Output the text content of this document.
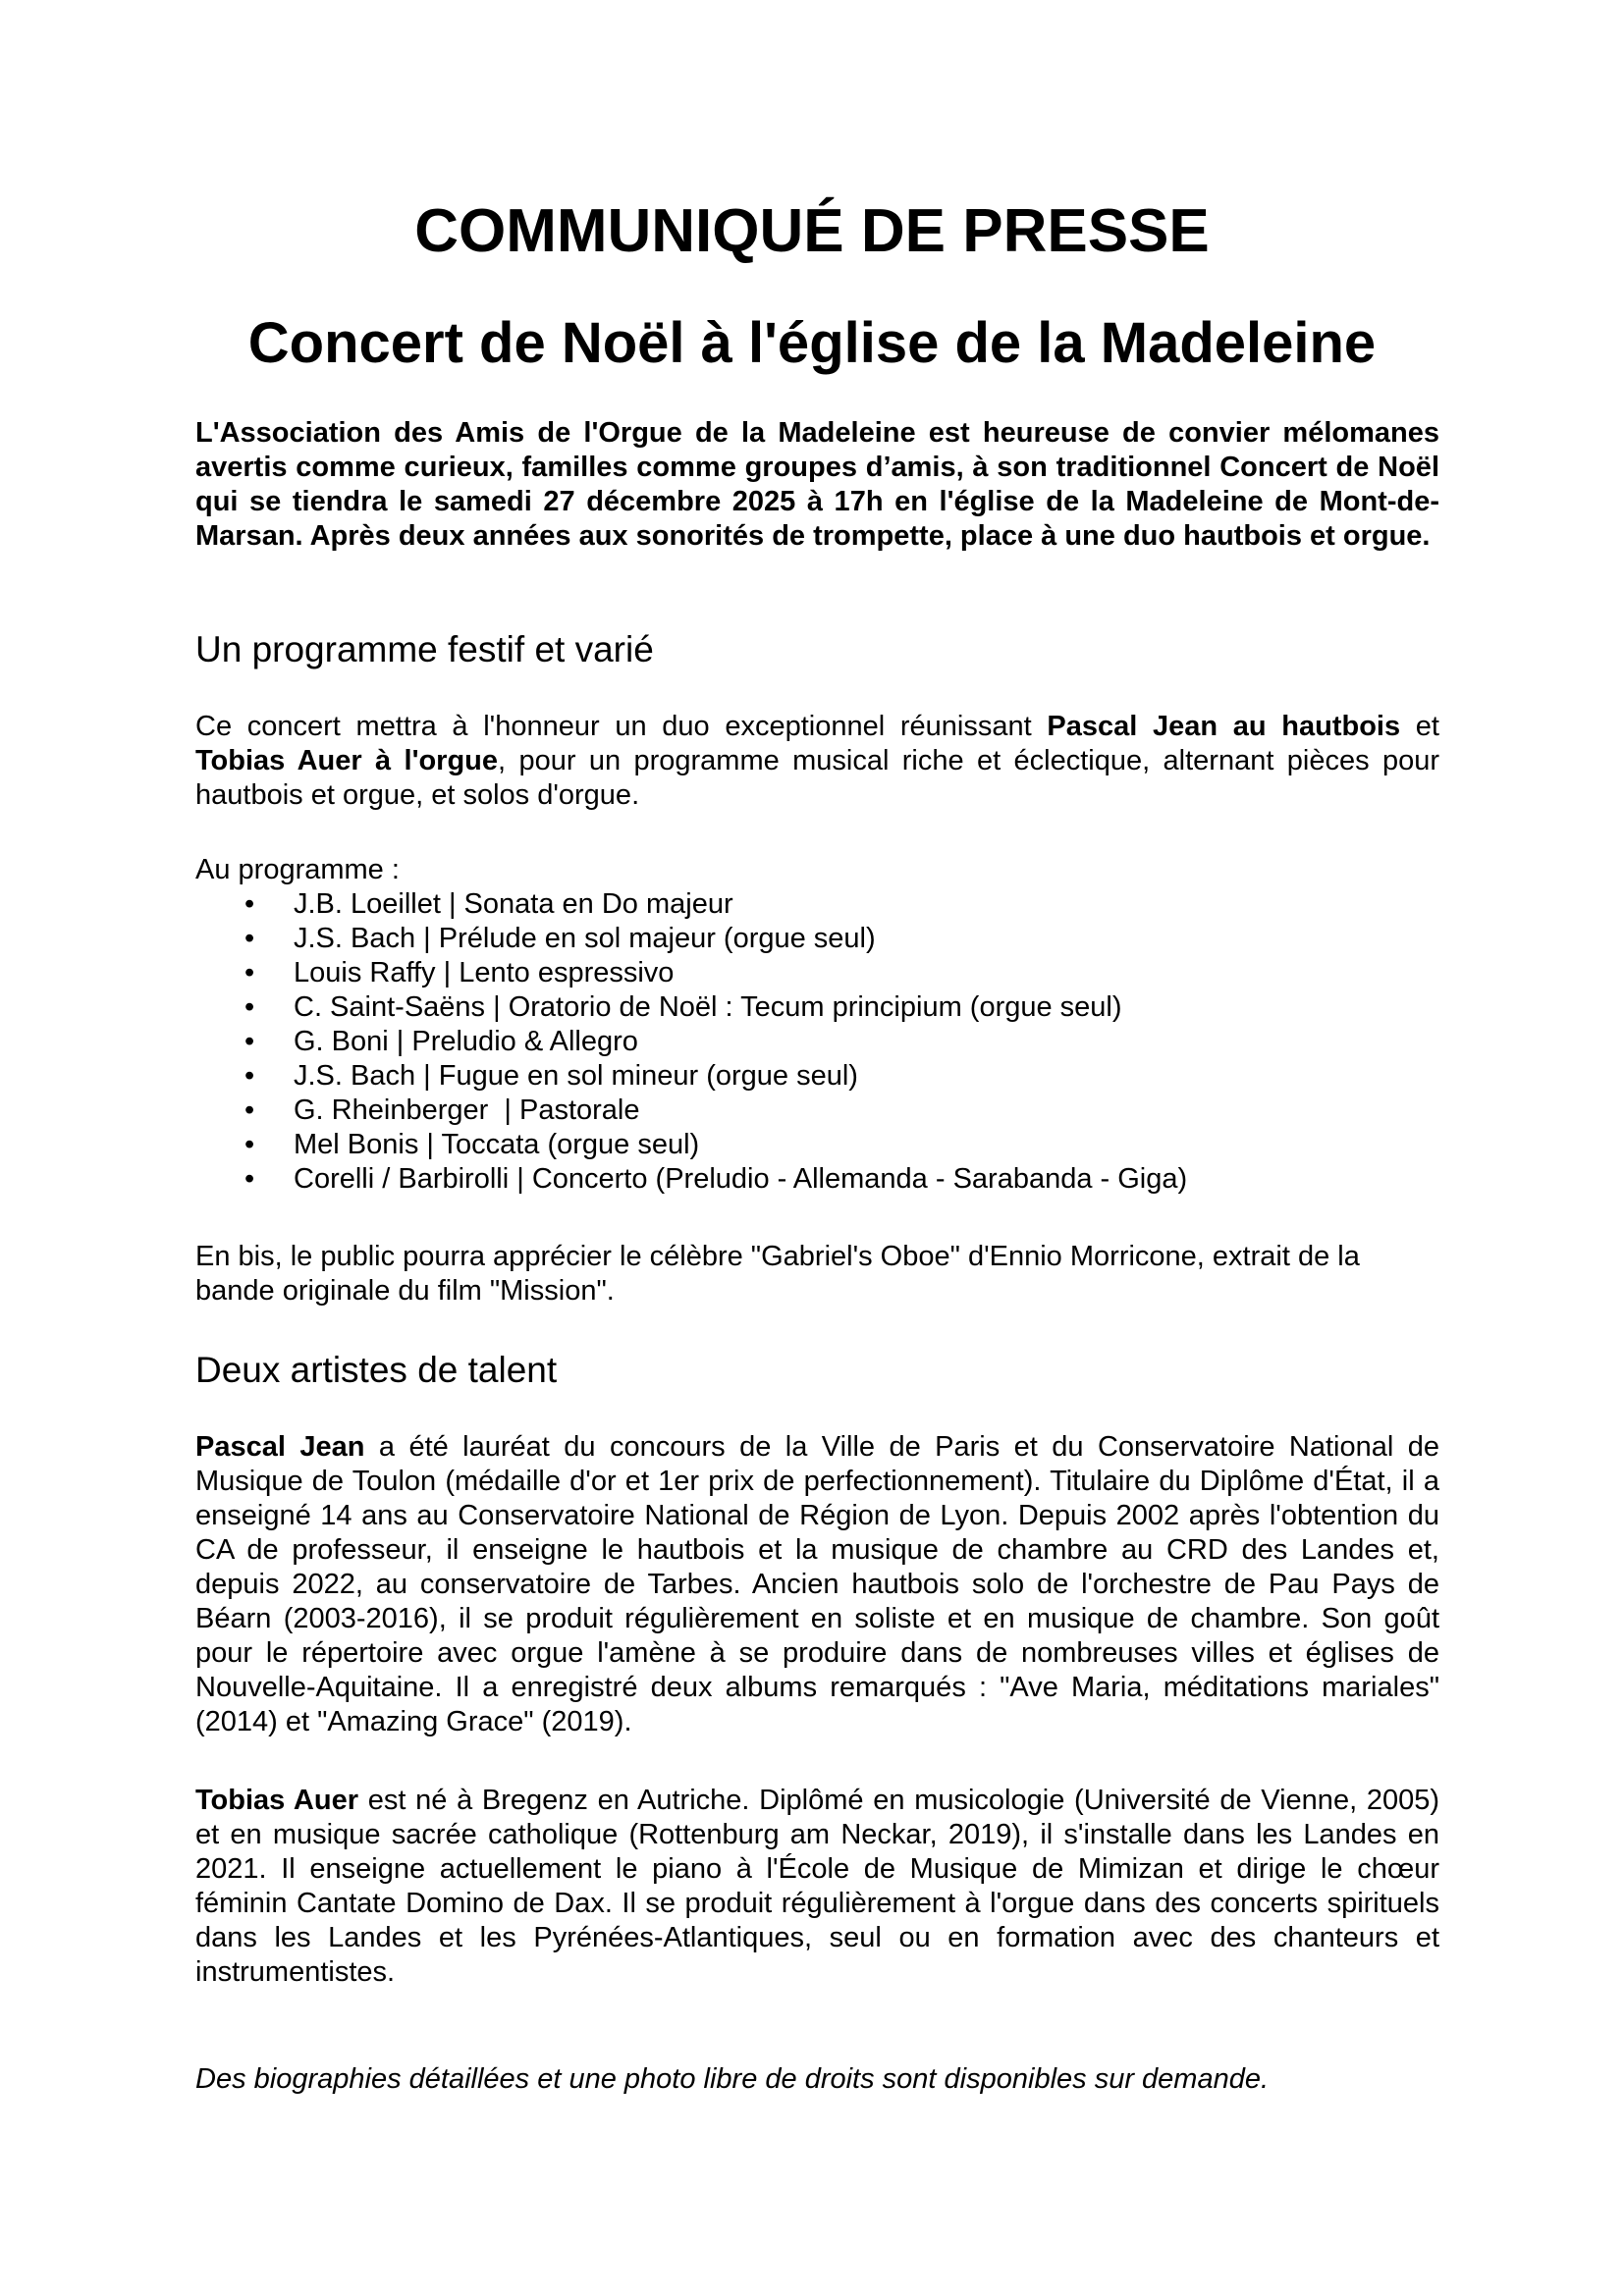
COMMUNIQUÉ DE PRESSE
Concert de Noël à l'église de la Madeleine

L'Association des Amis de l'Orgue de la Madeleine est heureuse de convier mélomanes avertis comme curieux, familles comme groupes d’amis, à son traditionnel Concert de Noël qui se tiendra le samedi 27 décembre 2025 à 17h en l'église de la Madeleine de Mont-de-Marsan. Après deux années aux sonorités de trompette, place à une duo hautbois et orgue.

Un programme festif et varié

Ce concert mettra à l'honneur un duo exceptionnel réunissant Pascal Jean au hautbois et Tobias Auer à l'orgue, pour un programme musical riche et éclectique, alternant pièces pour hautbois et orgue, et solos d'orgue.

Au programme :
• J.B. Loeillet | Sonata en Do majeur
• J.S. Bach | Prélude en sol majeur (orgue seul)
• Louis Raffy | Lento espressivo
• C. Saint-Saëns | Oratorio de Noël : Tecum principium (orgue seul)
• G. Boni | Preludio & Allegro
• J.S. Bach | Fugue en sol mineur (orgue seul)
• G. Rheinberger  | Pastorale
• Mel Bonis | Toccata (orgue seul)
• Corelli / Barbirolli | Concerto (Preludio - Allemanda - Sarabanda - Giga)

En bis, le public pourra apprécier le célèbre "Gabriel's Oboe" d'Ennio Morricone, extrait de la bande originale du film "Mission".

Deux artistes de talent

Pascal Jean a été lauréat du concours de la Ville de Paris et du Conservatoire National de Musique de Toulon (médaille d'or et 1er prix de perfectionnement). Titulaire du Diplôme d'État, il a enseigné 14 ans au Conservatoire National de Région de Lyon. Depuis 2002 après l'obtention du CA de professeur, il enseigne le hautbois et la musique de chambre au CRD des Landes et, depuis 2022, au conservatoire de Tarbes. Ancien hautbois solo de l'orchestre de Pau Pays de Béarn (2003-2016), il se produit régulièrement en soliste et en musique de chambre. Son goût pour le répertoire avec orgue l'amène à se produire dans de nombreuses villes et églises de Nouvelle-Aquitaine. Il a enregistré deux albums remarqués : "Ave Maria, méditations mariales" (2014) et "Amazing Grace" (2019).

Tobias Auer est né à Bregenz en Autriche. Diplômé en musicologie (Université de Vienne, 2005) et en musique sacrée catholique (Rottenburg am Neckar, 2019), il s'installe dans les Landes en 2021. Il enseigne actuellement le piano à l'École de Musique de Mimizan et dirige le chœur féminin Cantate Domino de Dax. Il se produit régulièrement à l'orgue dans des concerts spirituels dans les Landes et les Pyrénées-Atlantiques, seul ou en formation avec des chanteurs et instrumentistes.

Des biographies détaillées et une photo libre de droits sont disponibles sur demande.
